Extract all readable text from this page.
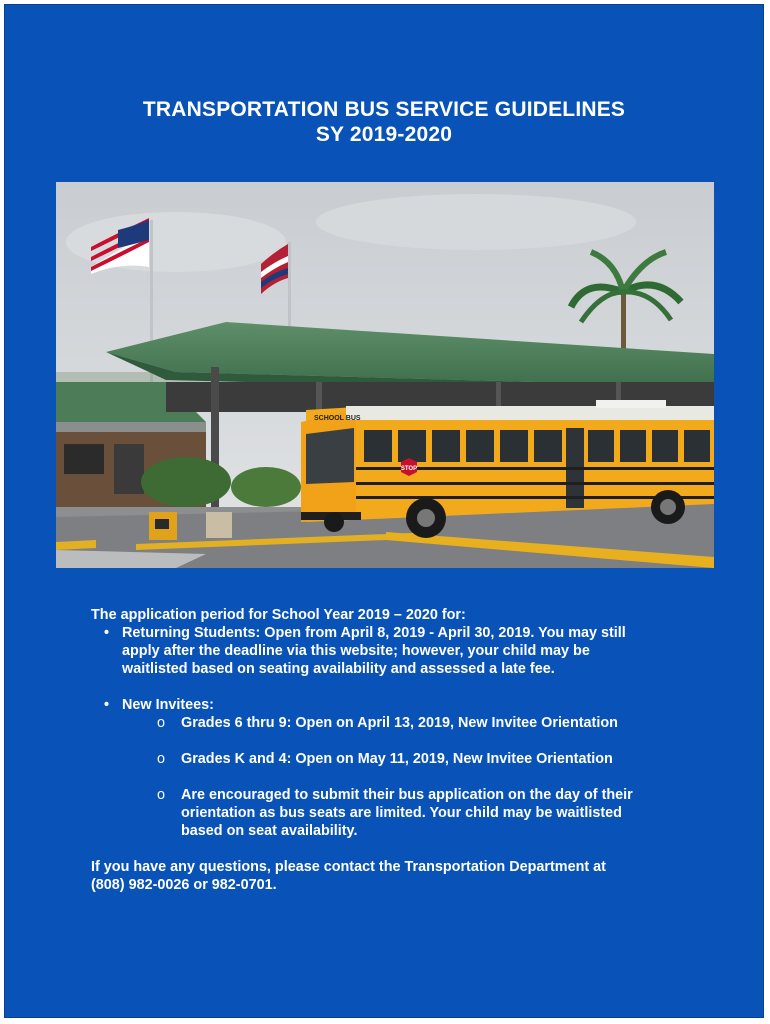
TRANSPORTATION BUS SERVICE GUIDELINES
SY 2019-2020
STOP
SCHOOL BUS
The application period for School Year 2019 – 2020 for:
• Returning Students: Open from April 8, 2019 - April 30, 2019. You may still
apply after the deadline via this website; however, your child may be
waitlisted based on seating availability and assessed a late fee.
• New Invitees:
o Grades 6 thru 9: Open on April 13, 2019, New Invitee Orientation
o Grades K and 4: Open on May 11, 2019, New Invitee Orientation
o Are encouraged to submit their bus application on the day of their
orientation as bus seats are limited. Your child may be waitlisted
based on seat availability.
If you have any questions, please contact the Transportation Department at
(808) 982-0026 or 982-0701.
